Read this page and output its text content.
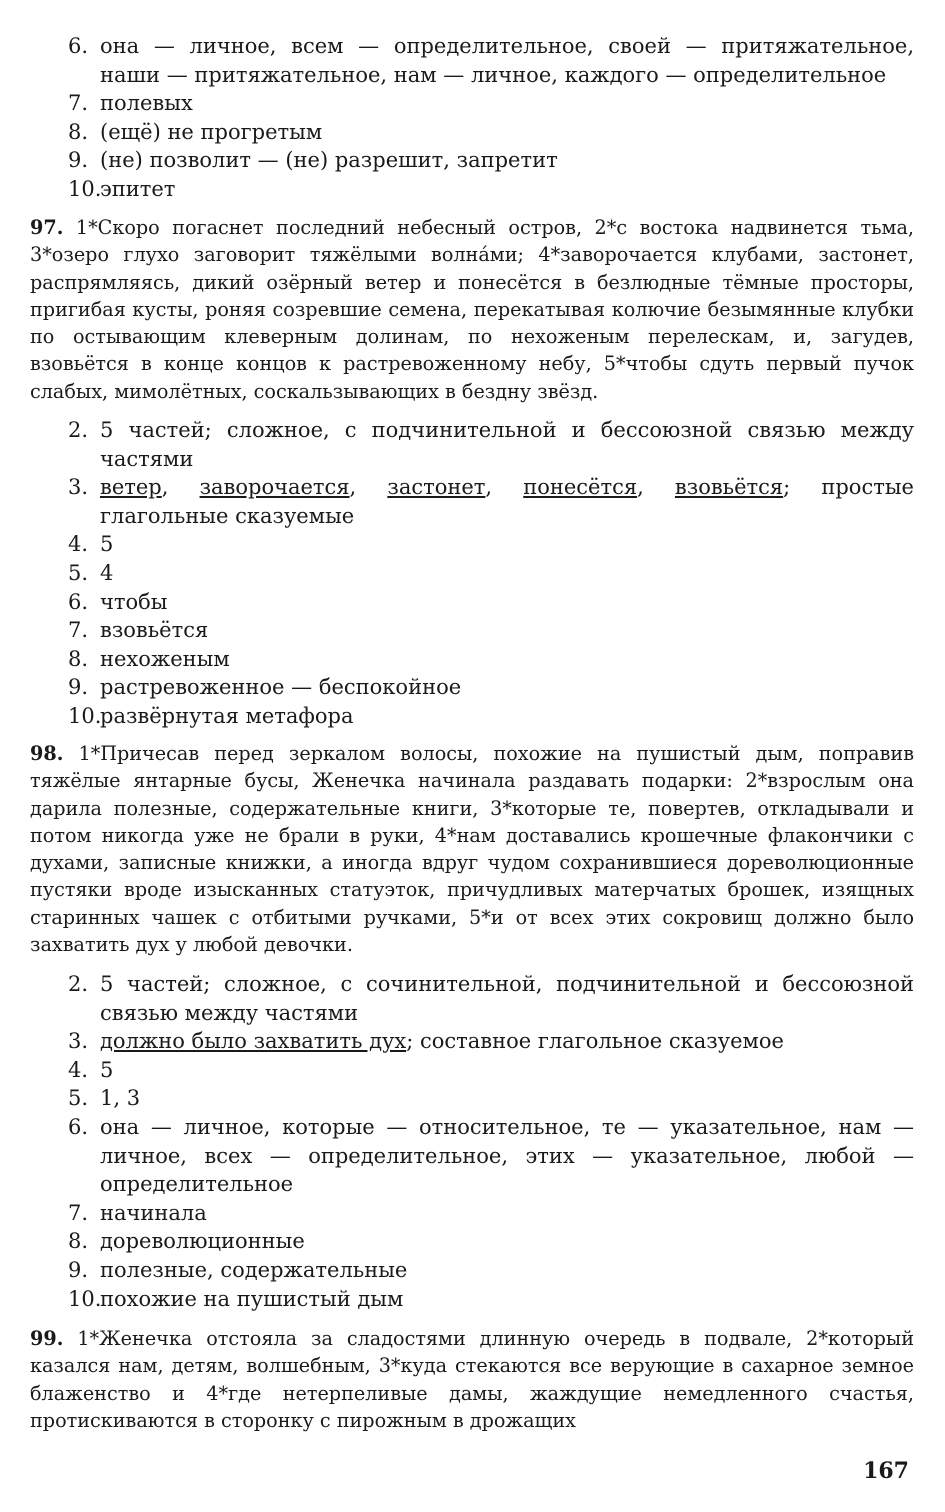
6. она — личное, всем — определительное, своей — притяжательное, наши — притяжательное, нам — личное, каждого — определительное
7. полевых
8. (ещё) не прогретым
9. (не) позволит — (не) разрешит, запретит
10.
эпитет
97. 1*Скоро погаснет последний небесный остров, 2*с востока надвинется тьма, 3*озеро глухо заговорит тяжёлыми волна́ми; 4*заворочается клубами, застонет, распрямляясь, дикий озёрный ветер и понесётся в безлюдные тёмные просторы, пригибая кусты, роняя созревшие семена, перекатывая колючие безымянные клубки по остывающим клеверным долинам, по нехоженым перелескам, и, загудев, взовьётся в конце концов к растревоженному небу, 5*чтобы сдуть первый пучок слабых, мимолётных, соскальзывающих в бездну звёзд.
2. 5 частей; сложное, с подчинительной и бессоюзной связью между частями
3. ветер, заворочается, застонет, понесётся, взовьётся; простые глагольные сказуемые
4. 5
5. 4
6. чтобы
7. взовьётся
8. нехоженым
9. растревоженное — беспокойное
10.
развёрнутая метафора
98. 1*Причесав перед зеркалом волосы, похожие на пушистый дым, поправив тяжёлые янтарные бусы, Женечка начинала раздавать подарки: 2*взрослым она дарила полезные, содержательные книги, 3*которые те, повертев, откладывали и потом никогда уже не брали в руки, 4*нам доставались крошечные флакончики с духами, записные книжки, а иногда вдруг чудом сохранившиеся дореволюционные пустяки вроде изысканных статуэток, причудливых матерчатых брошек, изящных старинных чашек с отбитыми ручками, 5*и от всех этих сокровищ должно было захватить дух у любой девочки.
2. 5 частей; сложное, с сочинительной, подчинительной и бессоюзной связью между частями
3. должно было захватить дух; составное глагольное сказуемое
4. 5
5. 1, 3
6. она — личное, которые — относительное, те — указательное, нам — личное, всех — определительное, этих — указательное, любой — определительное
7. начинала
8. дореволюционные
9. полезные, содержательные
10.
похожие на пушистый дым
99. 1*Женечка отстояла за сладостями длинную очередь в подвале, 2*который казался нам, детям, волшебным, 3*куда стекаются все верующие в сахарное земное блаженство и 4*где нетерпеливые дамы, жаждущие немедленного счастья, протискиваются в сторонку с пирожным в дрожащих
167
